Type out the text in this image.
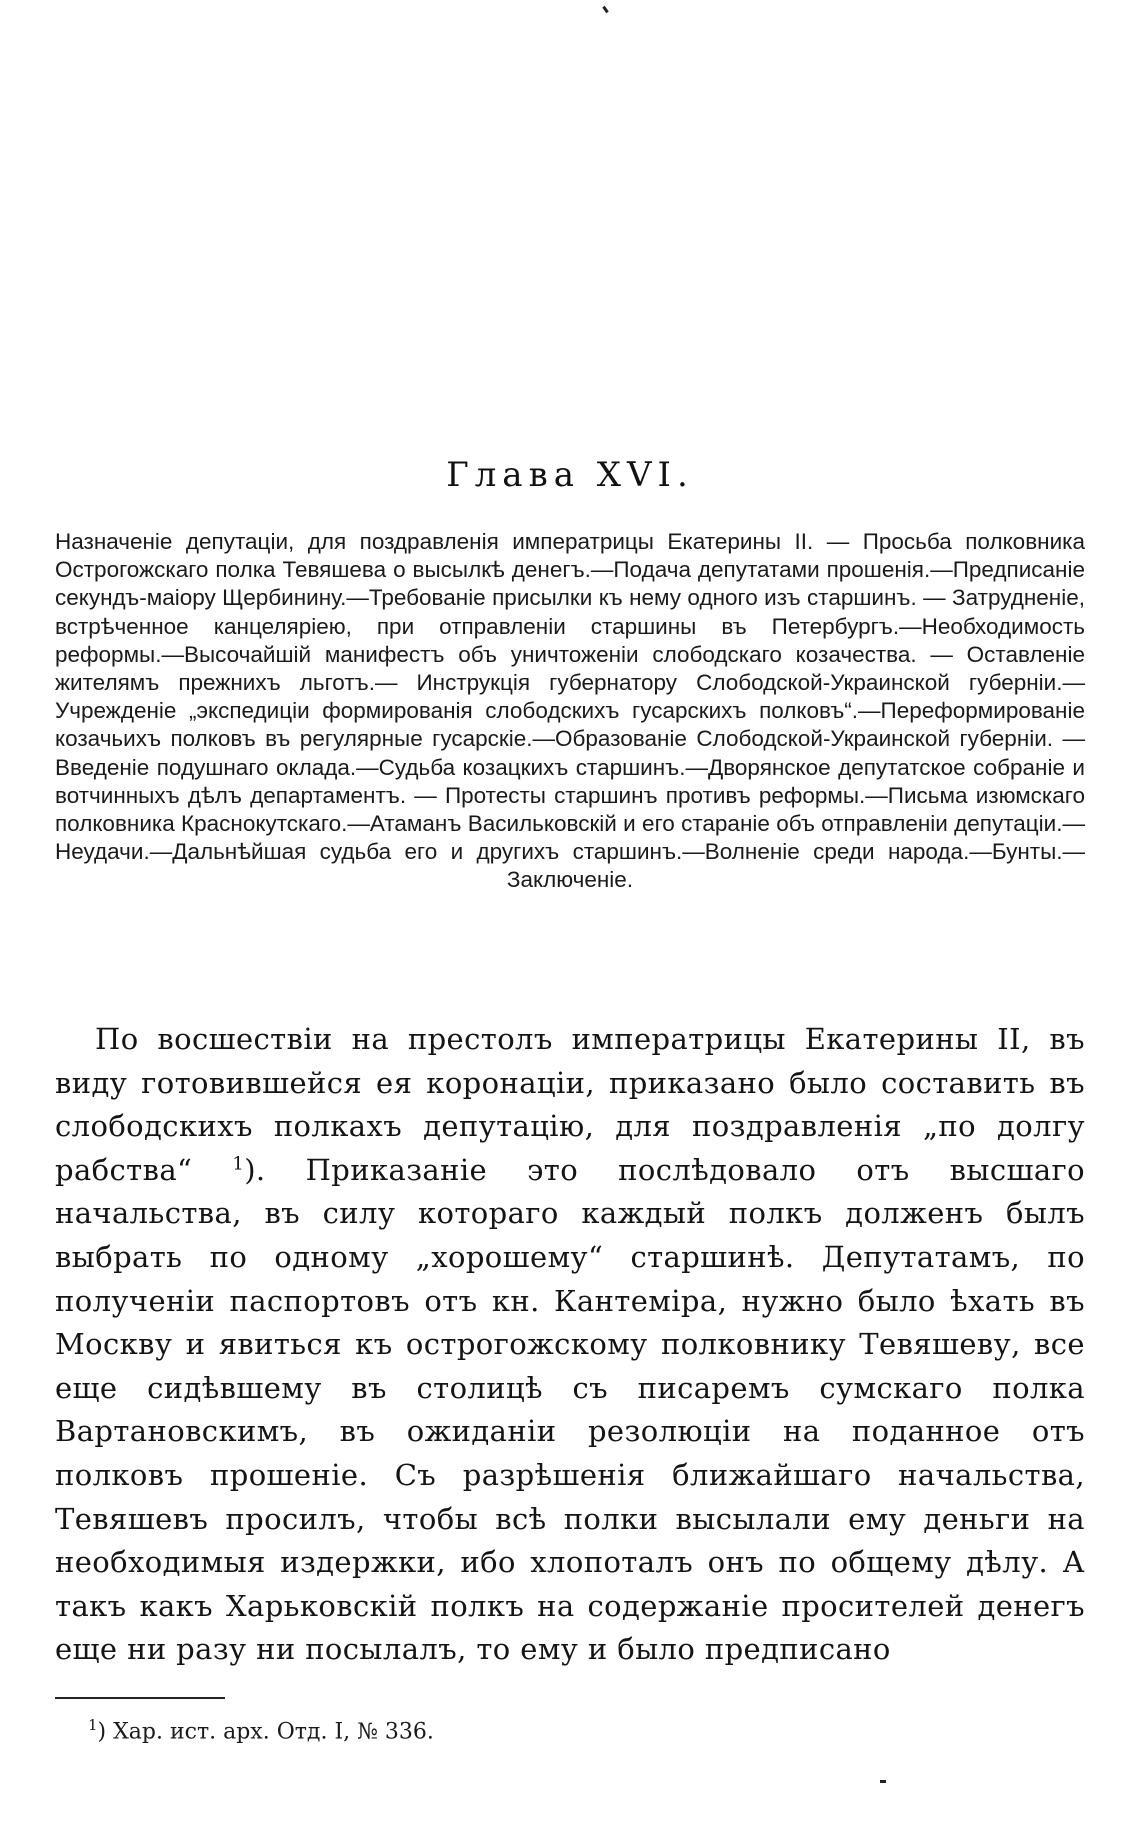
Глава XVI.

Назначеніе депутаціи, для поздравленія императрицы Екатерины II. — Просьба полковника Острогожскаго полка Тевяшева о высылкѣ денегъ.—Подача депутатами прошенія.—Предписаніе секундъ-маіору Щербинину.—Требованіе присылки къ нему одного изъ старшинъ. — Затрудненіе, встрѣченное канцеляріею, при отправленіи старшины въ Петербургъ.—Необходимость реформы.—Высочайшій манифестъ объ уничтоженіи слободскаго козачества. — Оставленіе жителямъ прежнихъ льготъ.— Инструкція губернатору Слободской-Украинской губерніи.—Учрежденіе „экспедиціи формированія слободскихъ гусарскихъ полковъ“.—Переформированіе козачьихъ полковъ въ регулярные гусарскіе.—Образованіе Слободской-Украинской губерніи. —Введеніе подушнаго оклада.—Судьба козацкихъ старшинъ.—Дворянское депутатское собраніе и вотчинныхъ дѣлъ департаментъ. — Протесты старшинъ противъ реформы.—Письма изюмскаго полковника Краснокутскаго.—Атаманъ Васильковскій и его стараніе объ отправленіи депутаціи.—Неудачи.—Дальнѣйшая судьба его и другихъ старшинъ.—Волненіе среди народа.—Бунты.—Заключеніе.

По восшествіи на престолъ императрицы Екатерины II, въ виду готовившейся ея коронаціи, приказано было составить въ слободскихъ полкахъ депутацію, для поздравленія „по долгу рабства“ $^1$). Приказаніе это послѣдовало отъ высшаго начальства, въ силу котораго каждый полкъ долженъ былъ выбрать по одному „хорошему“ старшинѣ. Депутатамъ, по полученіи паспортовъ отъ кн. Кантеміра, нужно было ѣхать въ Москву и явиться къ острогожскому полковнику Тевяшеву, все еще сидѣвшему въ столицѣ съ писаремъ сумскаго полка Вартановскимъ, въ ожиданіи резолюціи на поданное отъ полковъ прошеніе. Съ разрѣшенія ближайшаго начальства, Тевяшевъ просилъ, чтобы всѣ полки высылали ему деньги на необходимыя издержки, ибо хлопоталъ онъ по общему дѣлу. А такъ какъ Харьковскій полкъ на содержаніе просителей денегъ еще ни разу ни посылалъ, то ему и было предписано

$^1$) Хар. ист. арх. Отд. I, № 336.
